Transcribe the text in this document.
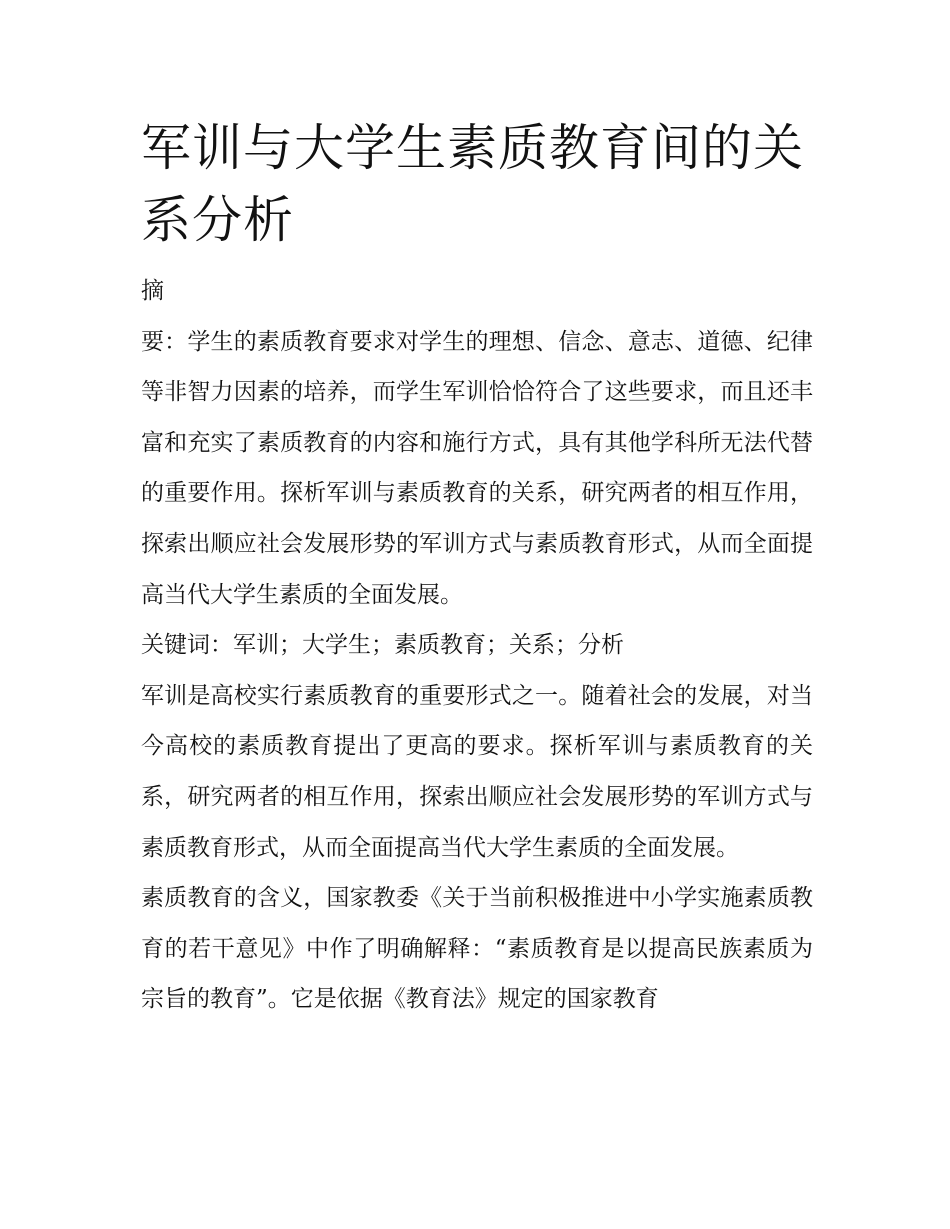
军训与大学生素质教育间的关系分析

摘

要：学生的素质教育要求对学生的理想、信念、意志、道德、纪律等非智力因素的培养，而学生军训恰恰符合了这些要求，而且还丰富和充实了素质教育的内容和施行方式，具有其他学科所无法代替的重要作用。探析军训与素质教育的关系，研究两者的相互作用，探索出顺应社会发展形势的军训方式与素质教育形式，从而全面提高当代大学生素质的全面发展。

关键词：军训；大学生；素质教育；关系；分析

军训是高校实行素质教育的重要形式之一。随着社会的发展，对当今高校的素质教育提出了更高的要求。探析军训与素质教育的关系，研究两者的相互作用，探索出顺应社会发展形势的军训方式与素质教育形式，从而全面提高当代大学生素质的全面发展。

素质教育的含义，国家教委《关于当前积极推进中小学实施素质教育的若干意见》中作了明确解释：“素质教育是以提高民族素质为宗旨的教育”。它是依据《教育法》规定的国家教育
